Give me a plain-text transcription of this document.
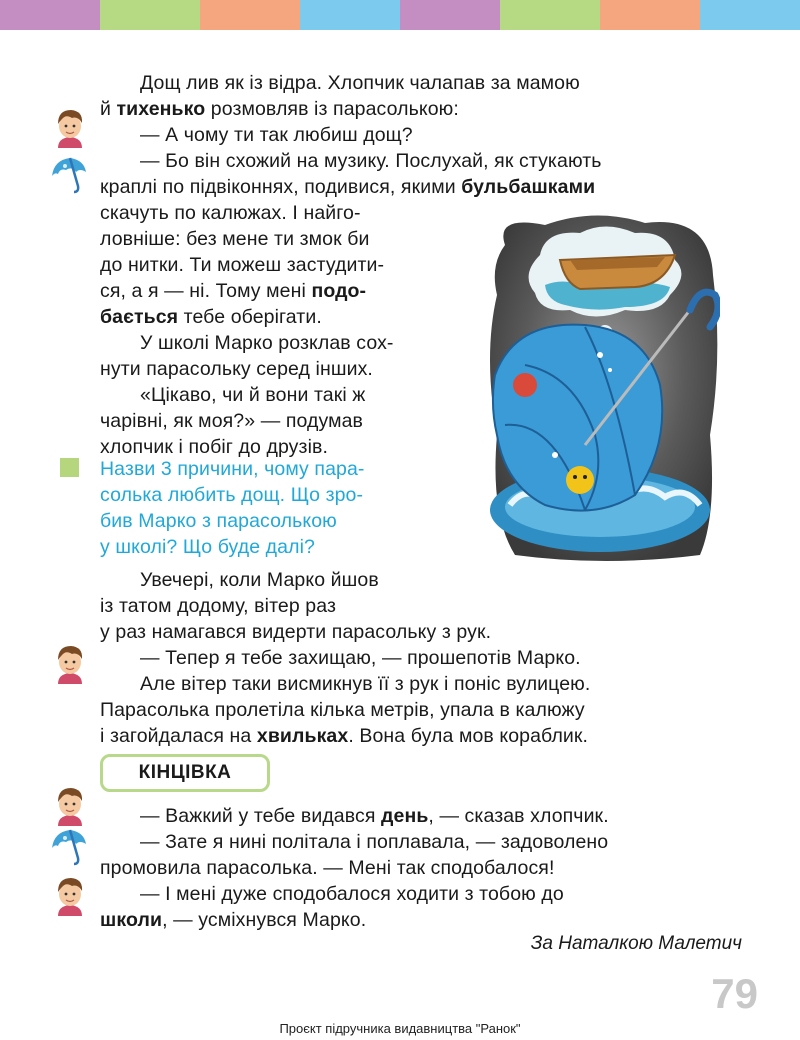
Дощ лив як із відра. Хлопчик чалапав за мамою
й тихенько розмовляв із парасолькою:
— А чому ти так любиш дощ?
— Бо він схожий на музику. Послухай, як стукають
краплі по підвіконнях, подивися, якими бульбашками
скачуть по калюжах. І найго-
ловніше: без мене ти змок би
до нитки. Ти можеш застудити-
ся, а я — ні. Тому мені подо-
бається тебе оберігати.
У школі Марко розклав сох-
нути парасольку серед інших.
«Цікаво, чи й вони такі ж
чарівні, як моя?» — подумав
хлопчик і побіг до друзів.
Назви 3 причини, чому пара-
солька любить дощ. Що зро-
бив Марко з парасолькою
у школі? Що буде далі?
Увечері, коли Марко йшов
із татом додому, вітер раз
у раз намагався видерти парасольку з рук.
— Тепер я тебе захищаю, — прошепотів Марко.
Але вітер таки висмикнув її з рук і поніс вулицею.
Парасолька пролетіла кілька метрів, упала в калюжу
і загойдалася на хвильках. Вона була мов кораблик.
КІНЦІВКА
— Важкий у тебе видався день, — сказав хлопчик.
— Зате я нині політала і поплавала, — задоволено
промовила парасолька. — Мені так сподобалося!
— І мені дуже сподобалося ходити з тобою до
школи, — усміхнувся Марко.
За Наталкою Малетич
79
Проєкт підручника видавництва "Ранок"
